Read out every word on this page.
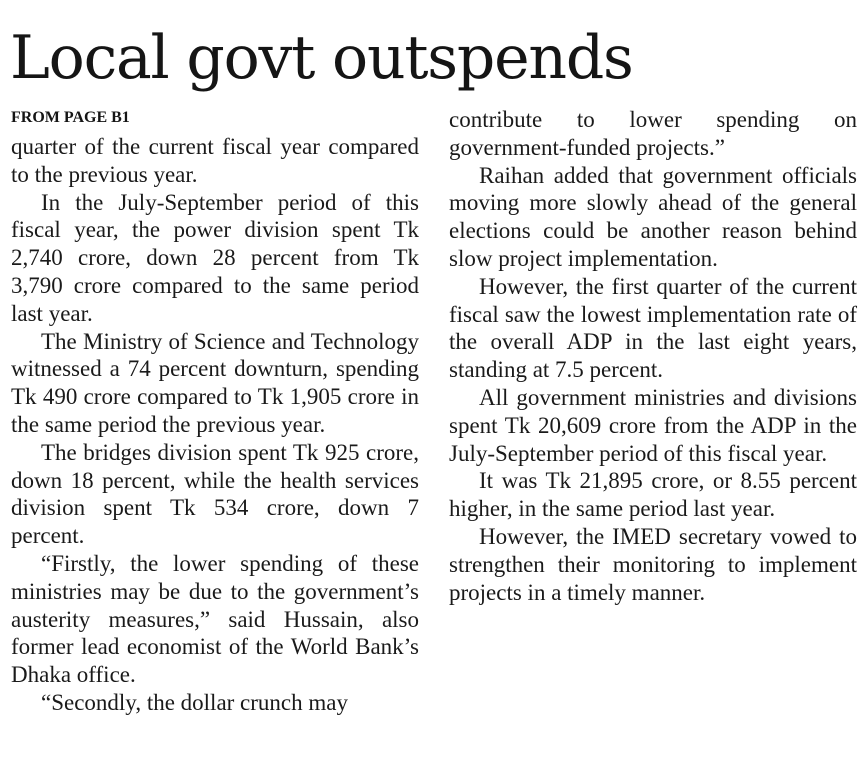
Local govt outspends
FROM PAGE B1

quarter of the current fiscal year compared to the previous year.

In the July-September period of this fiscal year, the power division spent Tk 2,740 crore, down 28 percent from Tk 3,790 crore compared to the same period last year.

The Ministry of Science and Technology witnessed a 74 percent downturn, spending Tk 490 crore compared to Tk 1,905 crore in the same period the previous year.

The bridges division spent Tk 925 crore, down 18 percent, while the health services division spent Tk 534 crore, down 7 percent.

“Firstly, the lower spending of these ministries may be due to the government’s austerity measures,” said Hussain, also former lead economist of the World Bank’s Dhaka office.

“Secondly, the dollar crunch may

contribute to lower spending on government-funded projects.”

Raihan added that government officials moving more slowly ahead of the general elections could be another reason behind slow project implementation.

However, the first quarter of the current fiscal saw the lowest implementation rate of the overall ADP in the last eight years, standing at 7.5 percent.

All government ministries and divisions spent Tk 20,609 crore from the ADP in the July-September period of this fiscal year.

It was Tk 21,895 crore, or 8.55 percent higher, in the same period last year.

However, the IMED secretary vowed to strengthen their monitoring to implement projects in a timely manner.
